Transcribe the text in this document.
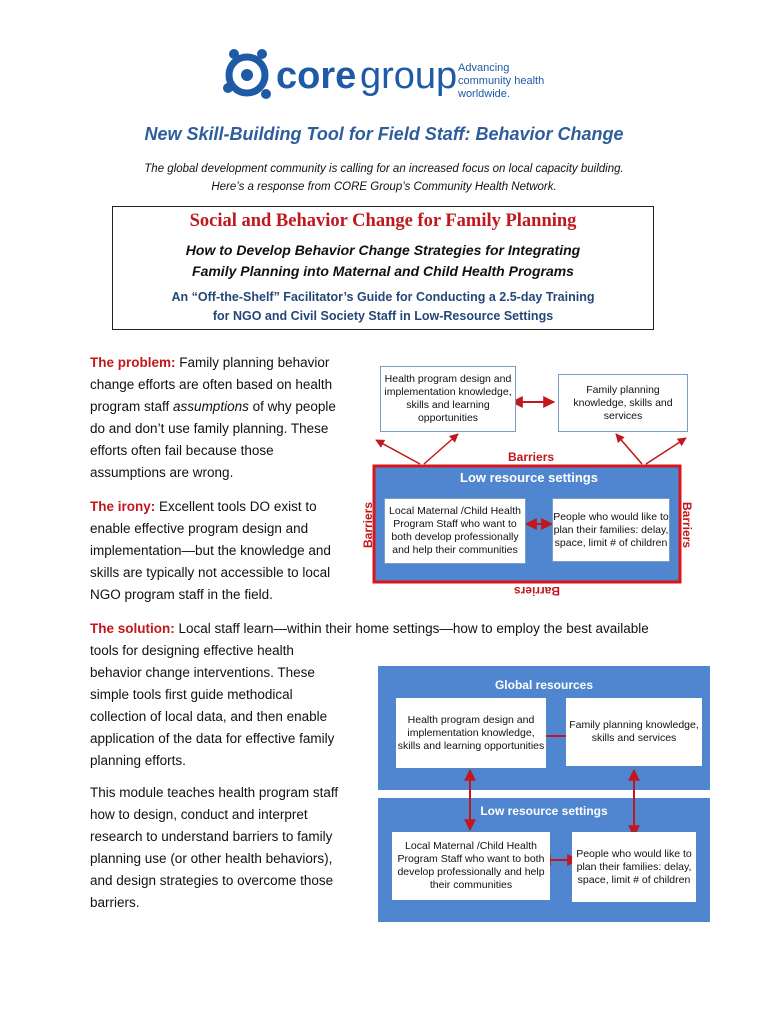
core group Advancing
community health
worldwide.
New Skill-Building Tool for Field Staff: Behavior Change
The global development community is calling for an increased focus on local capacity building.
Here’s a response from CORE Group’s Community Health Network.
Social and Behavior Change for Family Planning
How to Develop Behavior Change Strategies for Integrating
Family Planning into Maternal and Child Health Programs
An “Off-the-Shelf” Facilitator’s Guide for Conducting a 2.5-day Training
for NGO and Civil Society Staff in Low-Resource Settings
The problem: Family planning behavior change efforts are often based on health program staff assumptions of why people do and don’t use family planning. These efforts often fail because those assumptions are wrong.
The irony: Excellent tools DO exist to enable effective program design and implementation—but the knowledge and skills are typically not accessible to local NGO program staff in the field.
The solution: Local staff learn—within their home settings—how to employ the best available
tools for designing effective health behavior change interventions. These simple tools first guide methodical collection of local data, and then enable application of the data for effective family planning efforts.
This module teaches health program staff how to design, conduct and interpret research to understand barriers to family planning use (or other health behaviors), and design strategies to overcome those barriers.
Health program design and implementation knowledge, skills and learning opportunities
Family planning knowledge, skills and services
Barriers
Low resource settings
Local Maternal /Child Health Program Staff who want to both develop professionally and help their communities
People who would like to plan their families: delay, space, limit # of children
Barriers	Barriers
Barriers
Global resources
Health program design and implementation knowledge, skills and learning opportunities
Family planning knowledge, skills and services
Low resource settings
Local Maternal /Child Health Program Staff who want to both develop professionally and help their communities
People who would like to plan their families: delay, space, limit # of children
